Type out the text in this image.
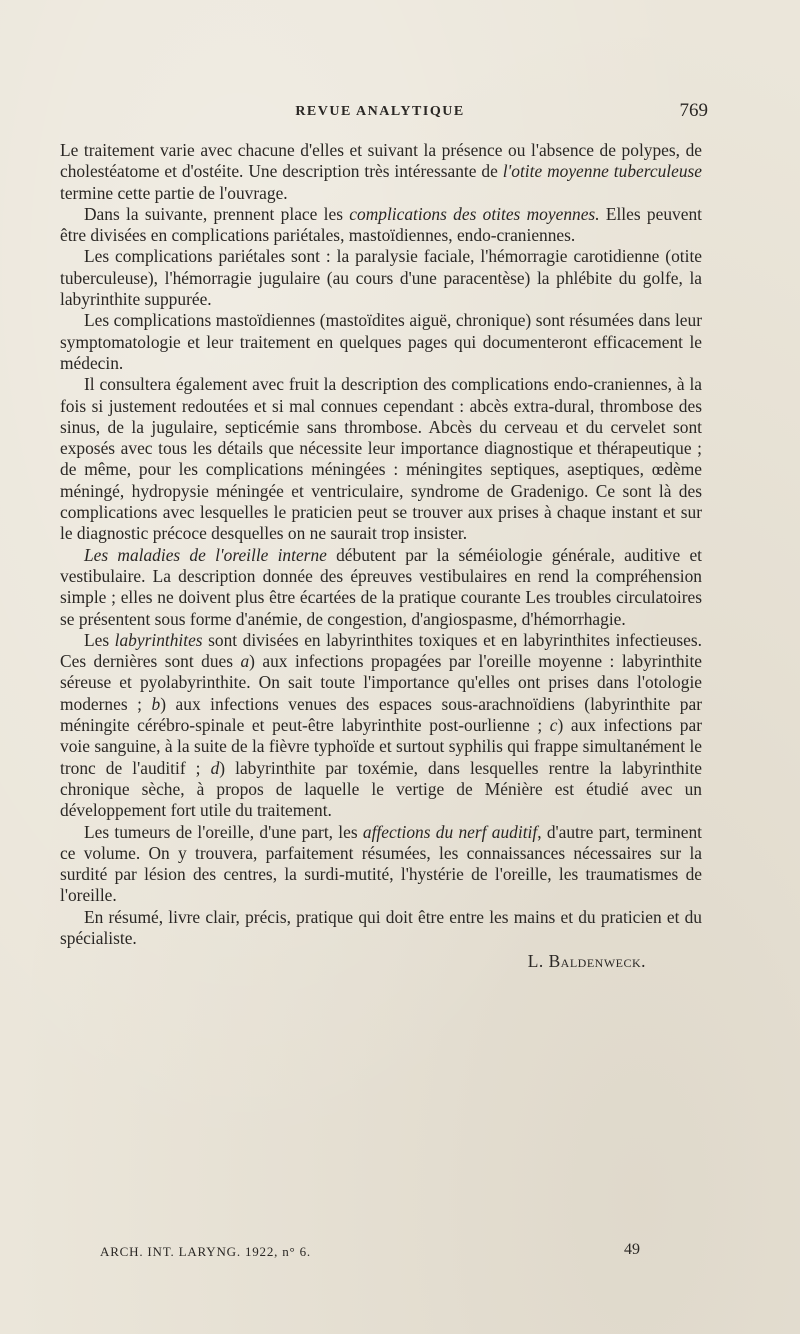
REVUE ANALYTIQUE	769

Le traitement varie avec chacune d'elles et suivant la présence ou l'absence de polypes, de cholestéatome et d'ostéite. Une description très intéressante de l'otite moyenne tuberculeuse termine cette partie de l'ouvrage.

Dans la suivante, prennent place les complications des otites moyennes. Elles peuvent être divisées en complications pariétales, mastoïdiennes, endo-craniennes.

Les complications pariétales sont : la paralysie faciale, l'hémorragie carotidienne (otite tuberculeuse), l'hémorragie jugulaire (au cours d'une paracentèse) la phlébite du golfe, la labyrinthite suppurée.

Les complications mastoïdiennes (mastoïdites aiguë, chronique) sont résumées dans leur symptomatologie et leur traitement en quelques pages qui documenteront efficacement le médecin.

Il consultera également avec fruit la description des complications endo-craniennes, à la fois si justement redoutées et si mal connues cependant : abcès extra-dural, thrombose des sinus, de la jugulaire, septicémie sans thrombose. Abcès du cerveau et du cervelet sont exposés avec tous les détails que nécessite leur importance diagnostique et thérapeutique ; de même, pour les complications méningées : méningites septiques, aseptiques, œdème méningé, hydropysie méningée et ventriculaire, syndrome de Gradenigo. Ce sont là des complications avec lesquelles le praticien peut se trouver aux prises à chaque instant et sur le diagnostic précoce desquelles on ne saurait trop insister.

Les maladies de l'oreille interne débutent par la séméiologie générale, auditive et vestibulaire. La description donnée des épreuves vestibulaires en rend la compréhension simple ; elles ne doivent plus être écartées de la pratique courante Les troubles circulatoires se présentent sous forme d'anémie, de congestion, d'angiospasme, d'hémorrhagie.

Les labyrinthites sont divisées en labyrinthites toxiques et en labyrinthites infectieuses. Ces dernières sont dues a) aux infections propagées par l'oreille moyenne : labyrinthite séreuse et pyolabyrinthite. On sait toute l'importance qu'elles ont prises dans l'otologie modernes ; b) aux infections venues des espaces sous-arachnoïdiens (labyrinthite par méningite cérébro-spinale et peut-être labyrinthite post-ourlienne ; c) aux infections par voie sanguine, à la suite de la fièvre typhoïde et surtout syphilis qui frappe simultanément le tronc de l'auditif ; d) labyrinthite par toxémie, dans lesquelles rentre la labyrinthite chronique sèche, à propos de laquelle le vertige de Ménière est étudié avec un développement fort utile du traitement.

Les tumeurs de l'oreille, d'une part, les affections du nerf auditif, d'autre part, terminent ce volume. On y trouvera, parfaitement résumées, les connaissances nécessaires sur la surdité par lésion des centres, la surdi-mutité, l'hystérie de l'oreille, les traumatismes de l'oreille.

En résumé, livre clair, précis, pratique qui doit être entre les mains et du praticien et du spécialiste.

L. Baldenweck.
ARCH. INT. LARYNG. 1922, n° 6.	49
